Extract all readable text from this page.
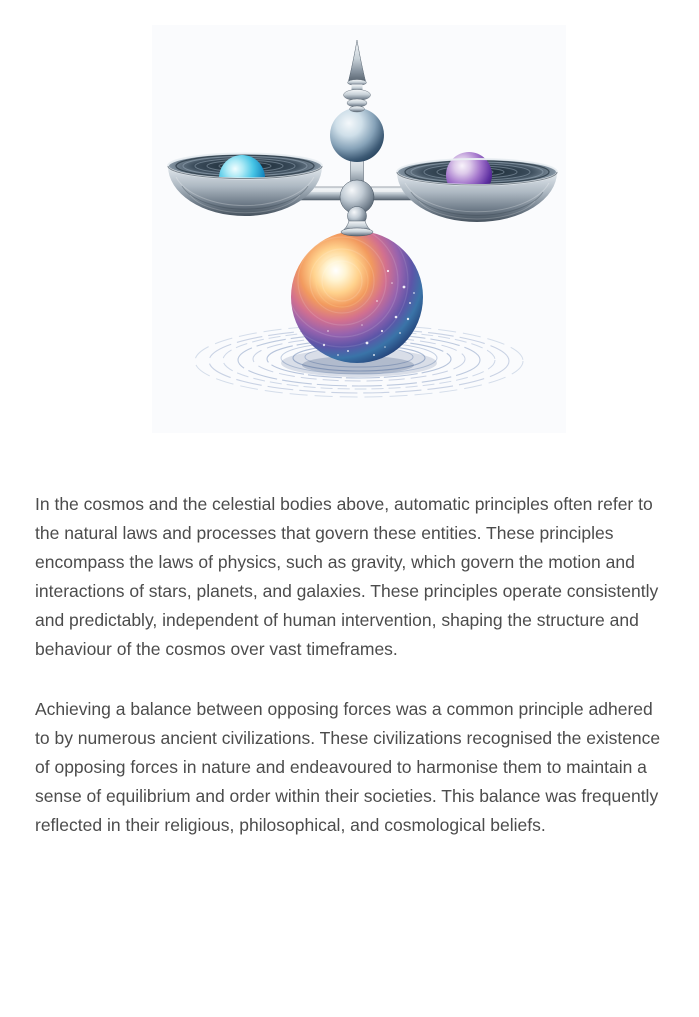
In the cosmos and the celestial bodies above, automatic principles often refer to the natural laws and processes that govern these entities. These principles encompass the laws of physics, such as gravity, which govern the motion and interactions of stars, planets, and galaxies. These principles operate consistently and predictably, independent of human intervention, shaping the structure and behaviour of the cosmos over vast timeframes.

Achieving a balance between opposing forces was a common principle adhered to by numerous ancient civilizations. These civilizations recognised the existence of opposing forces in nature and endeavoured to harmonise them to maintain a sense of equilibrium and order within their societies. This balance was frequently reflected in their religious, philosophical, and cosmological beliefs.
